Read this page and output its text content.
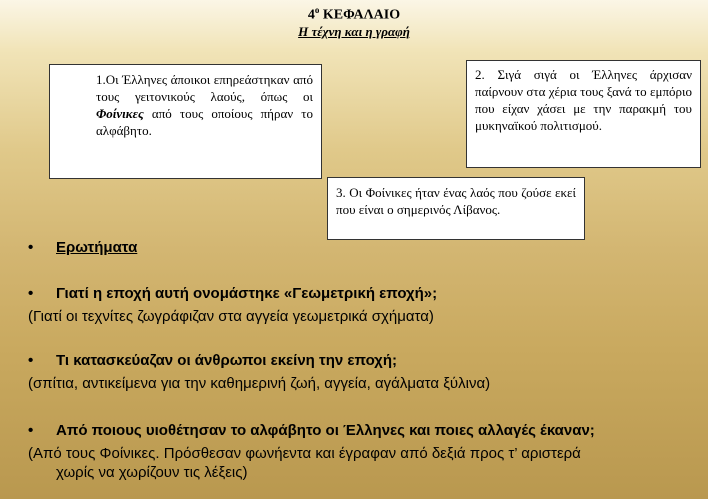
$4^o$ ΚΕΦΑΛΑΙΟ
Η τέχνη και η γραφή
1.Οι Έλληνες άποικοι επηρεάστηκαν από τους γειτονικούς λαούς, όπως οι Φοίνικες από τους οποίους πήραν το αλφάβητο.
2. Σιγά σιγά οι Έλληνες άρχισαν παίρνουν στα χέρια τους ξανά το εμπόριο που είχαν χάσει με την παρακμή του μυκηναϊκού πολιτισμού.
3. Οι Φοίνικες ήταν ένας λαός που ζούσε εκεί που είναι ο σημερινός Λίβανος.
• Ερωτήματα
• Γιατί η εποχή αυτή ονομάστηκε «Γεωμετρική εποχή»;
(Γιατί οι τεχνίτες ζωγράφιζαν στα αγγεία γεωμετρικά σχήματα)
• Τι κατασκεύαζαν οι άνθρωποι εκείνη την εποχή;
(σπίτια, αντικείμενα για την καθημερινή ζωή, αγγεία, αγάλματα ξύλινα)
• Από ποιους υιοθέτησαν το αλφάβητο οι Έλληνες και ποιες αλλαγές έκαναν;
(Από τους Φοίνικες. Πρόσθεσαν φωνήεντα και έγραφαν από δεξιά προς τ’ αριστερά
χωρίς να χωρίζουν τις λέξεις)
